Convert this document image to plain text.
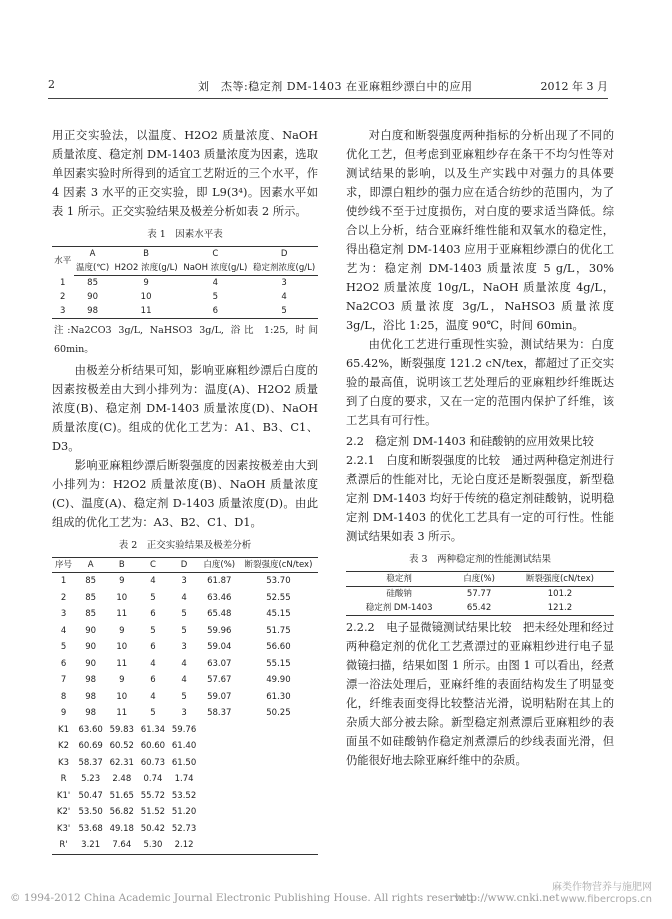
2	刘　杰等:稳定剂 DM-1403 在亚麻粗纱漂白中的应用	2012 年 3 月

用正交实验法，以温度、H2O2 质量浓度、NaOH 质量浓度、稳定剂 DM-1403 质量浓度为因素，选取单因素实验时所得到的适宜工艺附近的三个水平，作 4 因素 3 水平的正交实验，即 L9(3⁴)。因素水平如表 1 所示。正交实验结果及极差分析如表 2 所示。

表 1　因素水平表
水平	A	B	C	D
	温度(℃)	H2O2 浓度(g/L)	NaOH 浓度(g/L)	稳定剂浓度(g/L)
1	85	9	4	3
2	90	10	5	4
3	98	11	6	5
注:Na2CO3 3g/L, NaHSO3 3g/L, 浴比 1:25, 时间 60min。

由极差分析结果可知，影响亚麻粗纱漂后白度的因素按极差由大到小排列为：温度(A)、H2O2 质量浓度(B)、稳定剂 DM-1403 质量浓度(D)、NaOH 质量浓度(C)。组成的优化工艺为：A1、B3、C1、D3。

影响亚麻粗纱漂后断裂强度的因素按极差由大到小排列为：H2O2 质量浓度(B)、NaOH 质量浓度(C)、温度(A)、稳定剂 D-1403 质量浓度(D)。由此组成的优化工艺为：A3、B2、C1、D1。

表 2　正交实验结果及极差分析
序号	A	B	C	D	白度(%)	断裂强度(cN/tex)
1	85	9	4	3	61.87	53.70
2	85	10	5	4	63.46	52.55
3	85	11	6	5	65.48	45.15
4	90	9	5	5	59.96	51.75
5	90	10	6	3	59.04	56.60
6	90	11	4	4	63.07	55.15
7	98	9	6	4	57.67	49.90
8	98	10	4	5	59.07	61.30
9	98	11	5	3	58.37	50.25
K1	63.60	59.83	61.34	59.76		
K2	60.69	60.52	60.60	61.40		
K3	58.37	62.31	60.73	61.50		
R	5.23	2.48	0.74	1.74		
K1'	50.47	51.65	55.72	53.52		
K2'	53.50	56.82	51.52	51.20		
K3'	53.68	49.18	50.42	52.73		
R'	3.21	7.64	5.30	2.12		

对白度和断裂强度两种指标的分析出现了不同的优化工艺，但考虑到亚麻粗纱存在条干不均匀性等对测试结果的影响，以及生产实践中对强力的具体要求，即漂白粗纱的强力应在适合纺纱的范围内，为了使纱线不至于过度损伤，对白度的要求适当降低。综合以上分析，结合亚麻纤维性能和双氧水的稳定性，得出稳定剂 DM-1403 应用于亚麻粗纱漂白的优化工艺为：稳定剂 DM-1403 质量浓度 5 g/L，30% H2O2 质量浓度 10g/L，NaOH 质量浓度 4g/L，Na2CO3 质量浓度 3g/L，NaHSO3 质量浓度 3g/L，浴比 1:25，温度 90℃，时间 60min。

由优化工艺进行重现性实验，测试结果为：白度 65.42%，断裂强度 121.2 cN/tex，都超过了正交实验的最高值，说明该工艺处理后的亚麻粗纱纤维既达到了白度的要求，又在一定的范围内保护了纤维，该工艺具有可行性。

2.2　稳定剂 DM-1403 和硅酸钠的应用效果比较

2.2.1　白度和断裂强度的比较　 通过两种稳定剂进行煮漂后的性能对比，无论白度还是断裂强度，新型稳定剂 DM-1403 均好于传统的稳定剂硅酸钠，说明稳定剂 DM-1403 的优化工艺具有一定的可行性。性能测试结果如表 3 所示。

表 3　两种稳定剂的性能测试结果
稳定剂	白度(%)	断裂强度(cN/tex)
硅酸钠	57.77	101.2
稳定剂 DM-1403	65.42	121.2

2.2.2　电子显微镜测试结果比较　 把未经处理和经过两种稳定剂的优化工艺煮漂过的亚麻粗纱进行电子显微镜扫描，结果如图 1 所示。由图 1 可以看出，经煮漂一浴法处理后，亚麻纤维的表面结构发生了明显变化，纤维表面变得比较整洁光滑，说明粘附在其上的杂质大部分被去除。新型稳定剂煮漂后亚麻粗纱的表面虽不如硅酸钠作稳定剂煮漂后的纱线表面光滑，但仍能很好地去除亚麻纤维中的杂质。

© 1994-2012 China Academic Journal Electronic Publishing House. All rights reserved.
http://www.cnki.net
麻类作物营养与施肥网
www.fibercrops.cn
